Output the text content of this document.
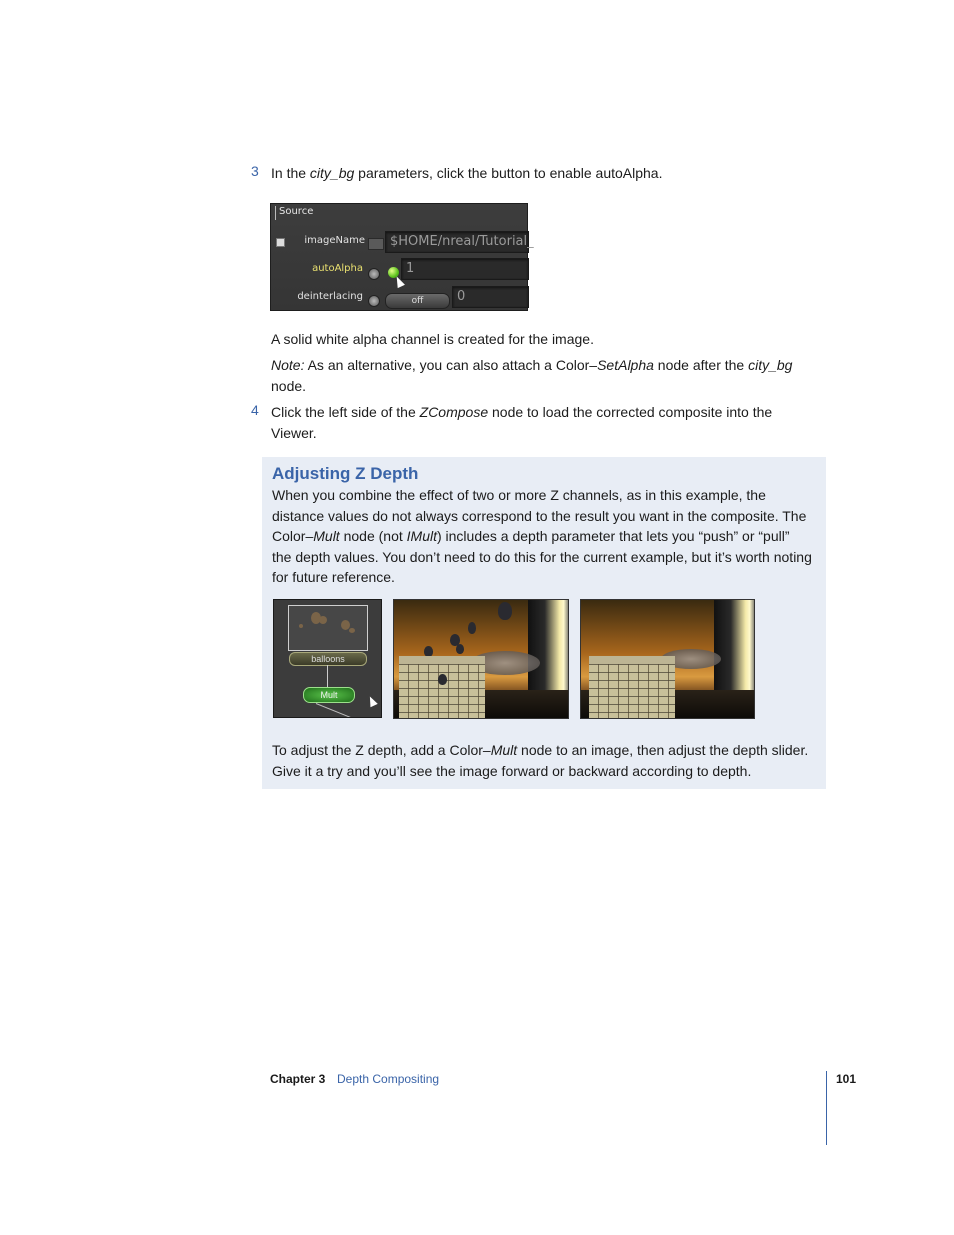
3 In the city_bg parameters, click the button to enable autoAlpha.
Source
imageName	$HOME/nreal/Tutorial_
autoAlpha	1
deinterlacing	off	0
A solid white alpha channel is created for the image.
Note: As an alternative, you can also attach a Color–SetAlpha node after the city_bg node.
4 Click the left side of the ZCompose node to load the corrected composite into the Viewer.
Adjusting Z Depth
When you combine the effect of two or more Z channels, as in this example, the distance values do not always correspond to the result you want in the composite. The Color–Mult node (not IMult) includes a depth parameter that lets you “push” or “pull” the depth values. You don’t need to do this for the current example, but it’s worth noting for future reference.
balloons
Mult
To adjust the Z depth, add a Color–Mult node to an image, then adjust the depth slider. Give it a try and you’ll see the image forward or backward according to depth.
Chapter 3 Depth Compositing	101
